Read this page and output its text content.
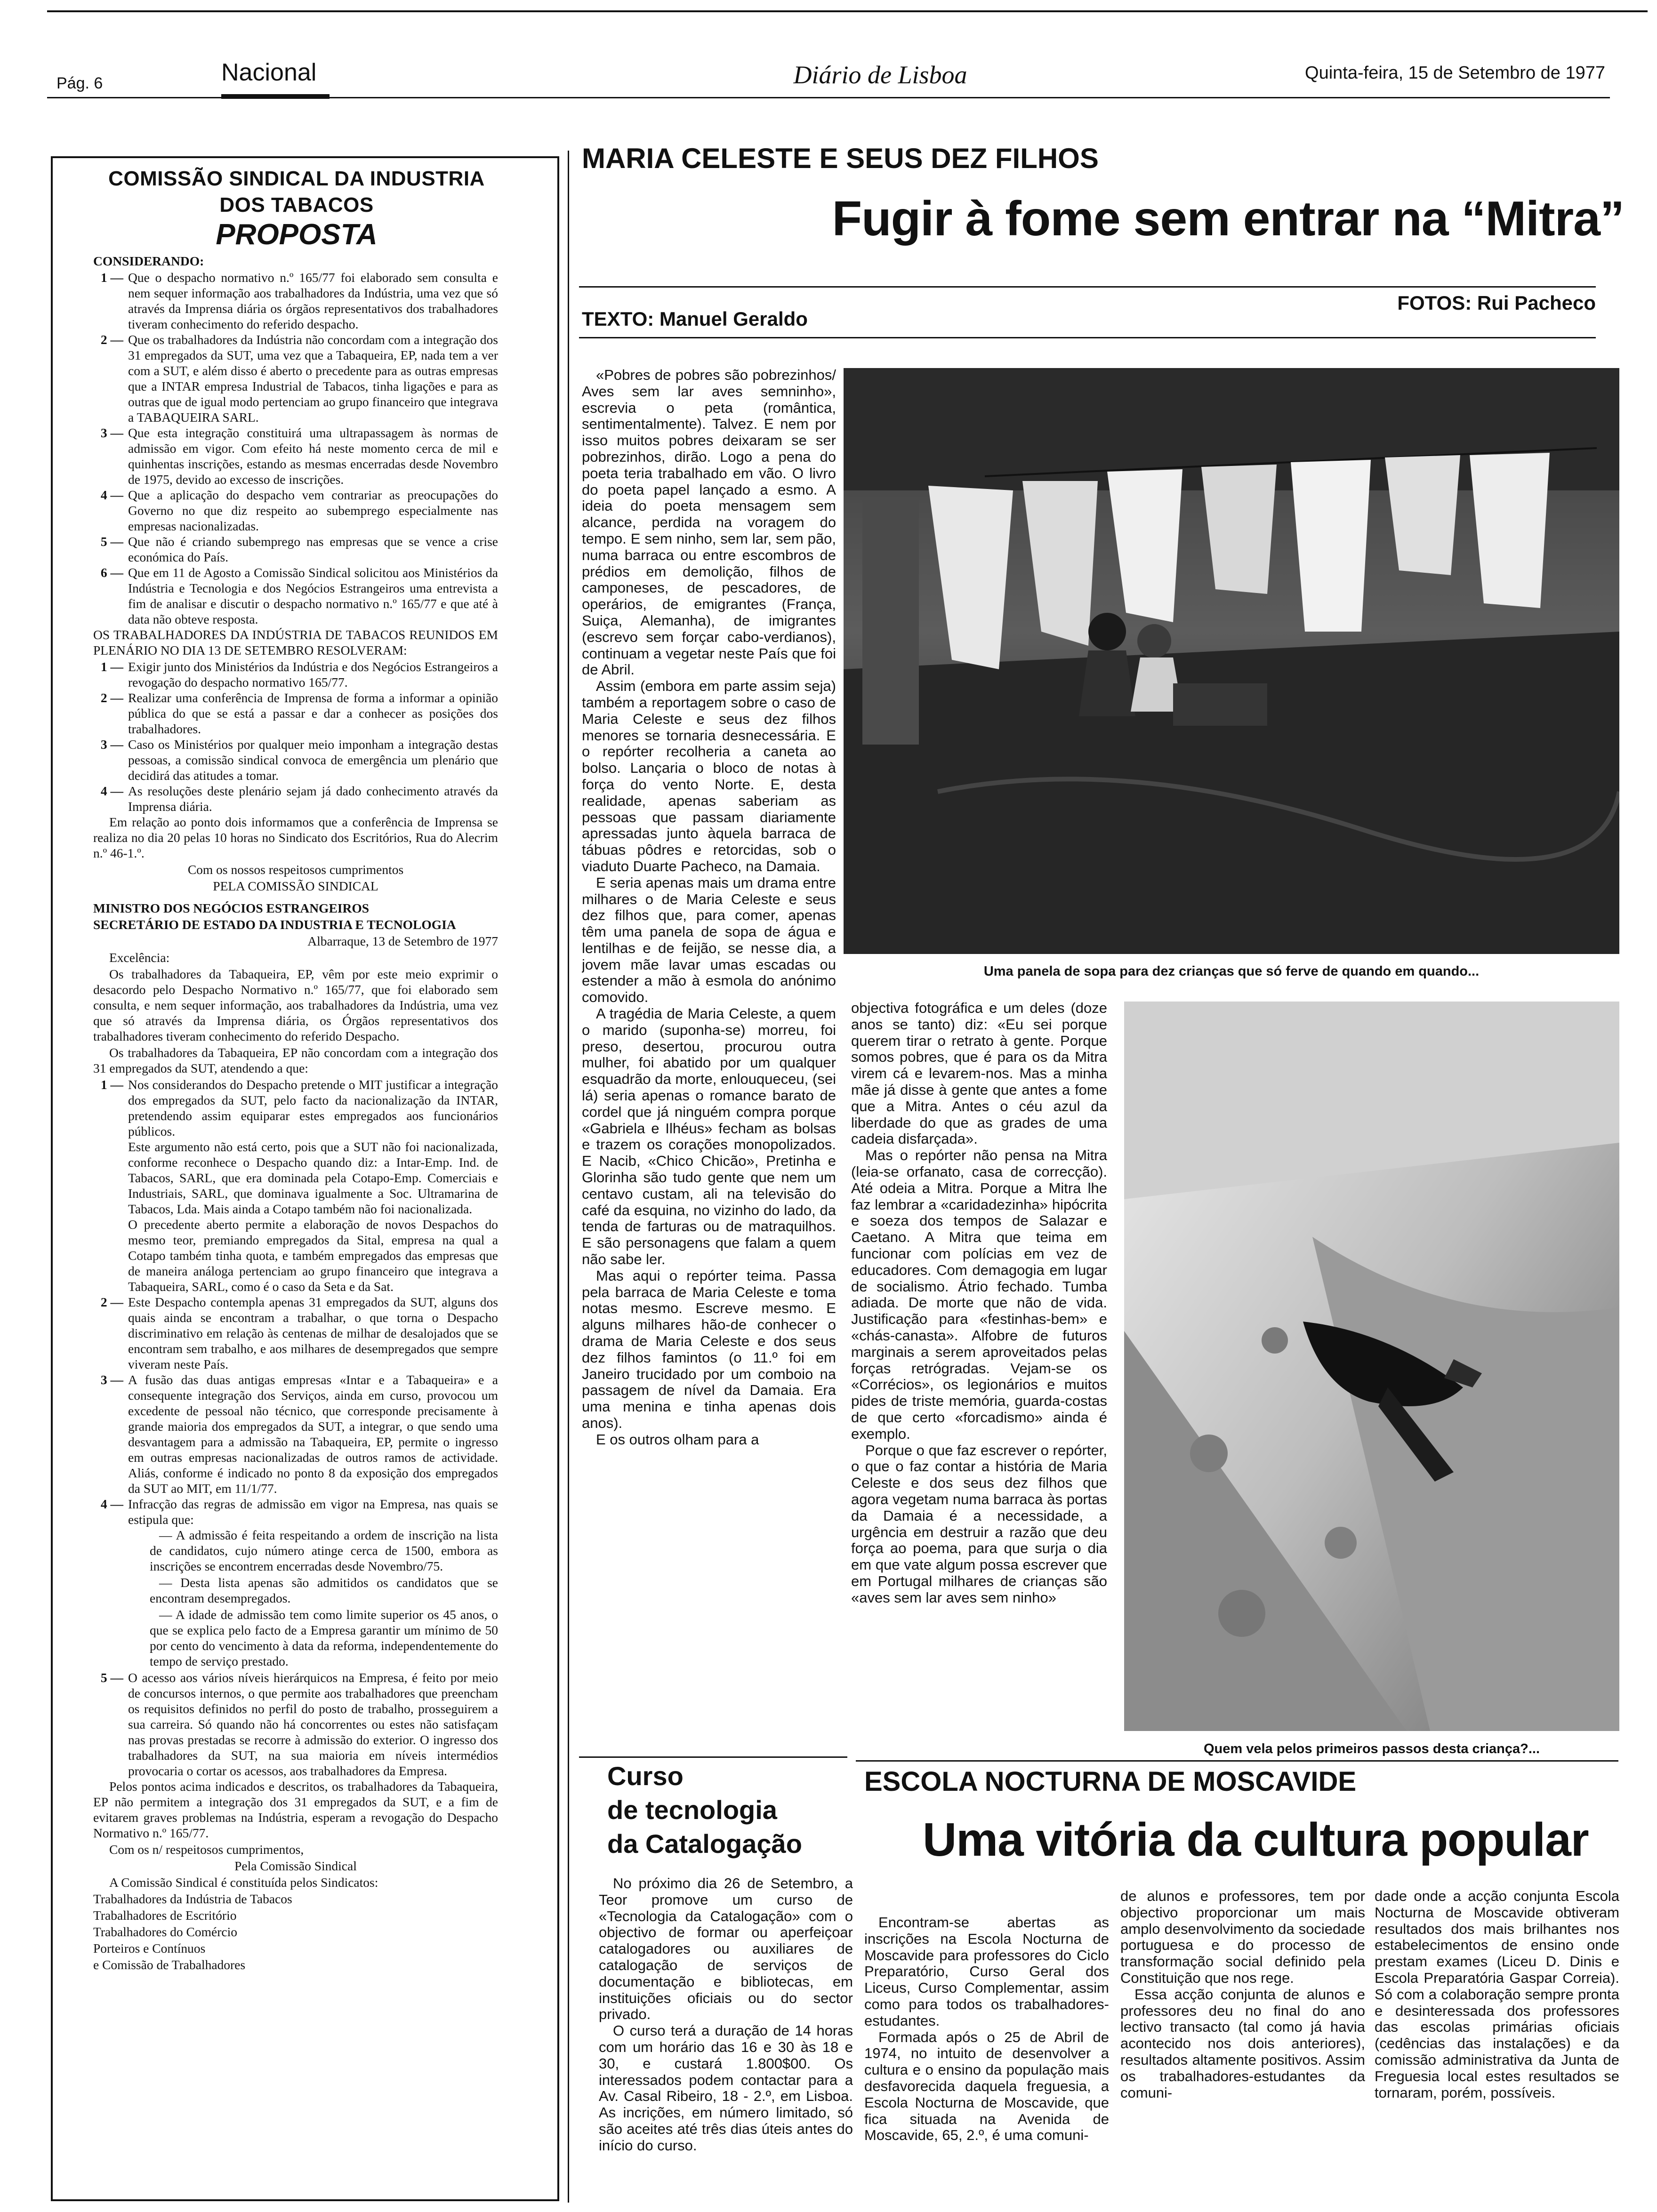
Pág. 6	Nacional	Diário de Lisboa	Quinta-feira, 15 de Setembro de 1977
COMISSÃO SINDICAL DA INDUSTRIA
DOS TABACOS
PROPOSTA

CONSIDERANDO:

1 — Que o despacho normativo n.º 165/77 foi elaborado sem consulta e nem sequer informação aos trabalhadores da Indústria, uma vez que só através da Imprensa diária os órgãos representativos dos trabalhadores tiveram conhecimento do referido despacho.
2 — Que os trabalhadores da Indústria não concordam com a integração dos 31 empregados da SUT, uma vez que a Tabaqueira, EP, nada tem a ver com a SUT, e além disso é aberto o precedente para as outras empresas que a INTAR empresa Industrial de Tabacos, tinha ligações e para as outras que de igual modo pertenciam ao grupo financeiro que integrava a TABAQUEIRA SARL.
3 — Que esta integração constituirá uma ultrapassagem às normas de admissão em vigor. Com efeito há neste momento cerca de mil e quinhentas inscrições, estando as mesmas encerradas desde Novembro de 1975, devido ao excesso de inscrições.
4 — Que a aplicação do despacho vem contrariar as preocupações do Governo no que diz respeito ao subemprego especialmente nas empresas nacionalizadas.
5 — Que não é criando subemprego nas empresas que se vence a crise económica do País.
6 — Que em 11 de Agosto a Comissão Sindical solicitou aos Ministérios da Indústria e Tecnologia e dos Negócios Estrangeiros uma entrevista a fim de analisar e discutir o despacho normativo n.º 165/77 e que até à data não obteve resposta.

OS TRABALHADORES DA INDÚSTRIA DE TABACOS REUNIDOS EM PLENÁRIO NO DIA 13 DE SETEMBRO RESOLVERAM:

1 — Exigir junto dos Ministérios da Indústria e dos Negócios Estrangeiros a revogação do despacho normativo 165/77.
2 — Realizar uma conferência de Imprensa de forma a informar a opinião pública do que se está a passar e dar a conhecer as posições dos trabalhadores.
3 — Caso os Ministérios por qualquer meio imponham a integração destas pessoas, a comissão sindical convoca de emergência um plenário que decidirá das atitudes a tomar.
4 — As resoluções deste plenário sejam já dado conhecimento através da Imprensa diária.

Em relação ao ponto dois informamos que a conferência de Imprensa se realiza no dia 20 pelas 10 horas no Sindicato dos Escritórios, Rua do Alecrim n.º 46-1.º.

Com os nossos respeitosos cumprimentos

PELA COMISSÃO SINDICAL

MINISTRO DOS NEGÓCIOS ESTRANGEIROS

SECRETÁRIO DE ESTADO DA INDUSTRIA E TECNOLOGIA

Albarraque, 13 de Setembro de 1977

Excelência:

Os trabalhadores da Tabaqueira, EP, vêm por este meio exprimir o desacordo pelo Despacho Normativo n.º 165/77, que foi elaborado sem consulta, e nem sequer informação, aos trabalhadores da Indústria, uma vez que só através da Imprensa diária, os Órgãos representativos dos trabalhadores tiveram conhecimento do referido Despacho.

Os trabalhadores da Tabaqueira, EP não concordam com a integração dos 31 empregados da SUT, atendendo a que:

1 — Nos considerandos do Despacho pretende o MIT justificar a integração dos empregados da SUT, pelo facto da nacionalização da INTAR, pretendendo assim equiparar estes empregados aos funcionários públicos.
Este argumento não está certo, pois que a SUT não foi nacionalizada, conforme reconhece o Despacho quando diz: a Intar-Emp. Ind. de Tabacos, SARL, que era dominada pela Cotapo-Emp. Comerciais e Industriais, SARL, que dominava igualmente a Soc. Ultramarina de Tabacos, Lda. Mais ainda a Cotapo também não foi nacionalizada.
O precedente aberto permite a elaboração de novos Despachos do mesmo teor, premiando empregados da Sital, empresa na qual a Cotapo também tinha quota, e também empregados das empresas que de maneira análoga pertenciam ao grupo financeiro que integrava a Tabaqueira, SARL, como é o caso da Seta e da Sat.
2 — Este Despacho contempla apenas 31 empregados da SUT, alguns dos quais ainda se encontram a trabalhar, o que torna o Despacho discriminativo em relação às centenas de milhar de desalojados que se encontram sem trabalho, e aos milhares de desempregados que sempre viveram neste País.
3 — A fusão das duas antigas empresas «Intar e a Tabaqueira» e a consequente integração dos Serviços, ainda em curso, provocou um excedente de pessoal não técnico, que corresponde precisamente à grande maioria dos empregados da SUT, a integrar, o que sendo uma desvantagem para a admissão na Tabaqueira, EP, permite o ingresso em outras empresas nacionalizadas de outros ramos de actividade. Aliás, conforme é indicado no ponto 8 da exposição dos empregados da SUT ao MIT, em 11/1/77.
4 — Infracção das regras de admissão em vigor na Empresa, nas quais se estipula que:

— A admissão é feita respeitando a ordem de inscrição na lista de candidatos, cujo número atinge cerca de 1500, embora as inscrições se encontrem encerradas desde Novembro/75.

— Desta lista apenas são admitidos os candidatos que se encontram desempregados.

— A idade de admissão tem como limite superior os 45 anos, o que se explica pelo facto de a Empresa garantir um mínimo de 50 por cento do vencimento à data da reforma, independentemente do tempo de serviço prestado.

5 — O acesso aos vários níveis hierárquicos na Empresa, é feito por meio de concursos internos, o que permite aos trabalhadores que preencham os requisitos definidos no perfil do posto de trabalho, prosseguirem a sua carreira. Só quando não há concorrentes ou estes não satisfaçam nas provas prestadas se recorre à admissão do exterior. O ingresso dos trabalhadores da SUT, na sua maioria em níveis intermédios provocaria o cortar os acessos, aos trabalhadores da Empresa.

Pelos pontos acima indicados e descritos, os trabalhadores da Tabaqueira, EP não permitem a integração dos 31 empregados da SUT, e a fim de evitarem graves problemas na Indústria, esperam a revogação do Despacho Normativo n.º 165/77.

Com os n/ respeitosos cumprimentos,

Pela Comissão Sindical

A Comissão Sindical é constituída pelos Sindicatos:

Trabalhadores da Indústria de Tabacos

Trabalhadores de Escritório

Trabalhadores do Comércio

Porteiros e Contínuos

e Comissão de Trabalhadores

MARIA CELESTE E SEUS DEZ FILHOS
Fugir à fome sem entrar na “Mitra”
TEXTO: Manuel Geraldo
FOTOS: Rui Pacheco

«Pobres de pobres são pobrezinhos/ Aves sem lar aves semninho», escrevia o peta (romântica, sentimentalmente). Talvez. E nem por isso muitos pobres deixaram se ser pobrezinhos, dirão. Logo a pena do poeta teria trabalhado em vão. O livro do poeta papel lançado a esmo. A ideia do poeta mensagem sem alcance, perdida na voragem do tempo. E sem ninho, sem lar, sem pão, numa barraca ou entre escombros de prédios em demolição, filhos de camponeses, de pescadores, de operários, de emigrantes (França, Suiça, Alemanha), de imigrantes (escrevo sem forçar cabo-verdianos), continuam a vegetar neste País que foi de Abril.

Assim (embora em parte assim seja) também a reportagem sobre o caso de Maria Celeste e seus dez filhos menores se tornaria desnecessária. E o repórter recolheria a caneta ao bolso. Lançaria o bloco de notas à força do vento Norte. E, desta realidade, apenas saberiam as pessoas que passam diariamente apressadas junto àquela barraca de tábuas pôdres e retorcidas, sob o viaduto Duarte Pacheco, na Damaia.

E seria apenas mais um drama entre milhares o de Maria Celeste e seus dez filhos que, para comer, apenas têm uma panela de sopa de água e lentilhas e de feijão, se nesse dia, a jovem mãe lavar umas escadas ou estender a mão à esmola do anónimo comovido.

A tragédia de Maria Celeste, a quem o marido (suponha-se) morreu, foi preso, desertou, procurou outra mulher, foi abatido por um qualquer esquadrão da morte, enlouqueceu, (sei lá) seria apenas o romance barato de cordel que já ninguém compra porque «Gabriela e Ilhéus» fecham as bolsas e trazem os corações monopolizados. E Nacib, «Chico Chicão», Pretinha e Glorinha são tudo gente que nem um centavo custam, ali na televisão do café da esquina, no vizinho do lado, da tenda de farturas ou de matraquilhos. E são personagens que falam a quem não sabe ler.

Mas aqui o repórter teima. Passa pela barraca de Maria Celeste e toma notas mesmo. Escreve mesmo. E alguns milhares hão-de conhecer o drama de Maria Celeste e dos seus dez filhos famintos (o 11.º foi em Janeiro trucidado por um comboio na passagem de nível da Damaia. Era uma menina e tinha apenas dois anos).

E os outros olham para a

Uma panela de sopa para dez crianças que só ferve de quando em quando...

objectiva fotográfica e um deles (doze anos se tanto) diz: «Eu sei porque querem tirar o retrato à gente. Porque somos pobres, que é para os da Mitra virem cá e levarem-nos. Mas a minha mãe já disse à gente que antes a fome que a Mitra. Antes o céu azul da liberdade do que as grades de uma cadeia disfarçada».

Mas o repórter não pensa na Mitra (leia-se orfanato, casa de correcção). Até odeia a Mitra. Porque a Mitra lhe faz lembrar a «caridadezinha» hipócrita e soeza dos tempos de Salazar e Caetano. A Mitra que teima em funcionar com polícias em vez de educadores. Com demagogia em lugar de socialismo. Átrio fechado. Tumba adiada. De morte que não de vida. Justificação para «festinhas-bem» e «chás-canasta». Alfobre de futuros marginais a serem aproveitados pelas forças retrógradas. Vejam-se os «Corrécios», os legionários e muitos pides de triste memória, guarda-costas de que certo «forcadismo» ainda é exemplo.

Porque o que faz escrever o repórter, o que o faz contar a história de Maria Celeste e dos seus dez filhos que agora vegetam numa barraca às portas da Damaia é a necessidade, a urgência em destruir a razão que deu força ao poema, para que surja o dia em que vate algum possa escrever que em Portugal milhares de crianças são «aves sem lar aves sem ninho»

Quem vela pelos primeiros passos desta criança?...
Curso
de tecnologia
da Catalogação

No próximo dia 26 de Setembro, a Teor promove um curso de «Tecnologia da Catalogação» com o objectivo de formar ou aperfeiçoar catalogadores ou auxiliares de catalogação de serviços de documentação e bibliotecas, em instituições oficiais ou do sector privado.

O curso terá a duração de 14 horas com um horário das 16 e 30 às 18 e 30, e custará 1.800$00. Os interessados podem contactar para a Av. Casal Ribeiro, 18 - 2.º, em Lisboa. As incrições, em número limitado, só são aceites até três dias úteis antes do início do curso.

ESCOLA NOCTURNA DE MOSCAVIDE
Uma vitória da cultura popular

Encontram-se abertas as inscrições na Escola Nocturna de Moscavide para professores do Ciclo Preparatório, Curso Geral dos Liceus, Curso Complementar, assim como para todos os trabalhadores-estudantes.

Formada após o 25 de Abril de 1974, no intuito de desenvolver a cultura e o ensino da população mais desfavorecida daquela freguesia, a Escola Nocturna de Moscavide, que fica situada na Avenida de Moscavide, 65, 2.º, é uma comuni-

de alunos e professores, tem por objectivo proporcionar um mais amplo desenvolvimento da sociedade portuguesa e do processo de transformação social definido pela Constituição que nos rege.

Essa acção conjunta de alunos e professores deu no final do ano lectivo transacto (tal como já havia acontecido nos dois anteriores), resultados altamente positivos. Assim os trabalhadores-estudantes da comuni-

dade onde a acção conjunta Escola Nocturna de Moscavide obtiveram resultados dos mais brilhantes nos estabelecimentos de ensino onde prestam exames (Liceu D. Dinis e Escola Preparatória Gaspar Correia). Só com a colaboração sempre pronta e desinteressada dos professores das escolas primárias oficiais (cedências das instalações) e da comissão administrativa da Junta de Freguesia local estes resultados se tornaram, porém, possíveis.
